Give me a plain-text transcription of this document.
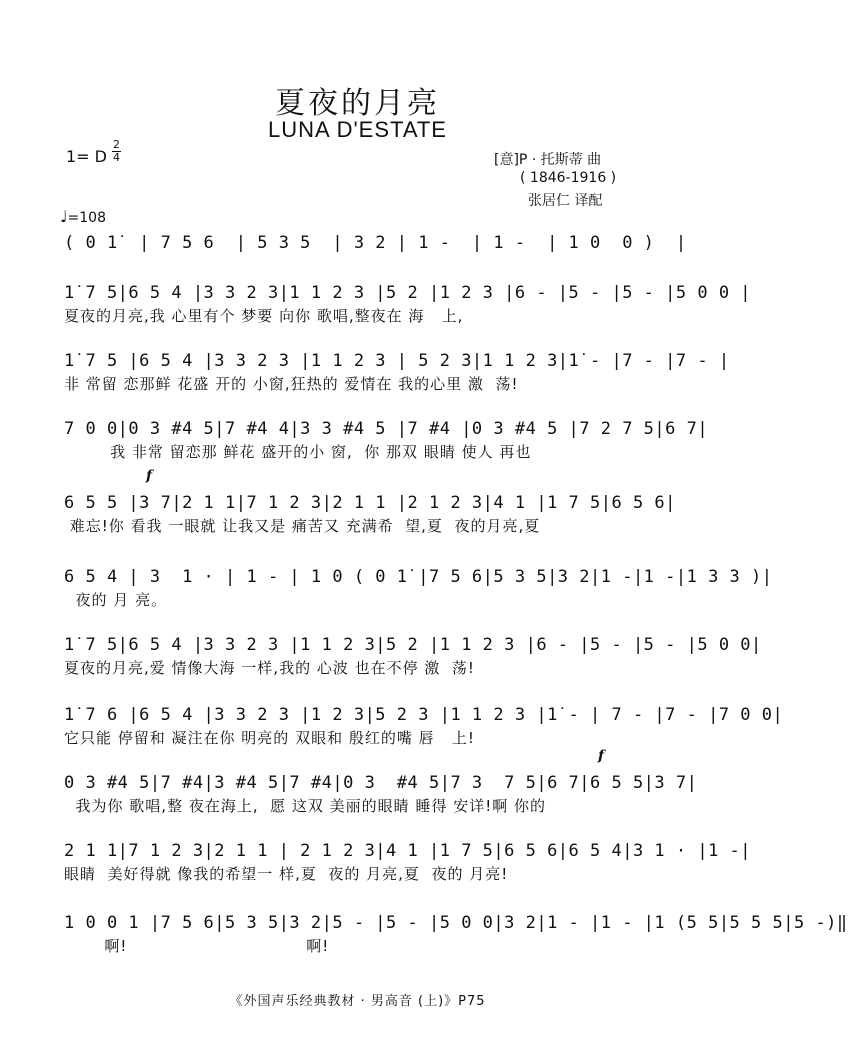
夏夜的月亮
LUNA D'ESTATE
1= D
2
4	[意]P · 托斯蒂 曲
( 1846-1916 )
张居仁 译配
♩=108
f
f
( 0 1̇  | 7 5 6  | 5 3 5  | 3 2 | 1 -  | 1 -  | 1 0  0 )  |
1̇ 7 5|6 5 4 |3 3 2 3|1 1 2 3 |5 2 |1 2 3 |6 - |5 - |5 - |5 0 0 |
夏夜的月亮,我 心里有个 梦要 向你 歌唱,整夜在 海   上,
1̇ 7 5 |6 5 4 |3 3 2 3 |1 1 2 3 | 5 2 3|1 1 2 3|1̇ - |7 - |7 - |
非 常留 恋那鲜 花盛 开的 小窗,狂热的 爱情在 我的心里 激  荡!
7 0 0|0 3 #4 5|7 #4 4|3 3 #4 5 |7 #4 |0 3 #4 5 |7 2 7 5|6 7|
我 非常 留恋那 鲜花 盛开的小 窗,  你 那双 眼睛 使人 再也
6 5 5 |3 7|2 1 1|7 1 2 3|2 1 1 |2 1 2 3|4 1 |1 7 5|6 5 6|
难忘!你 看我 一眼就 让我又是 痛苦又 充满希  望,夏  夜的月亮,夏
6 5 4 | 3  1 · | 1 - | 1 0 ( 0 1̇ |7 5 6|5 3 5|3 2|1 -|1 -|1 3 3 )|
夜的 月 亮。
1̇ 7 5|6 5 4 |3 3 2 3 |1 1 2 3|5 2 |1 1 2 3 |6 - |5 - |5 - |5 0 0|
夏夜的月亮,爱 情像大海 一样,我的 心波 也在不停 激  荡!
1̇ 7 6 |6 5 4 |3 3 2 3 |1 2 3|5 2 3 |1 1 2 3 |1̇ - | 7 - |7 - |7 0 0|
它只能 停留和 凝注在你 明亮的 双眼和 殷红的嘴 唇   上!
0 3 #4 5|7 #4|3 #4 5|7 #4|0 3  #4 5|7 3  7 5|6 7|6 5 5|3 7|
我为你 歌唱,整 夜在海上,  愿 这双 美丽的眼睛 睡得 安详!啊 你的
2 1 1|7 1 2 3|2 1 1 | 2 1 2 3|4 1 |1 7 5|6 5 6|6 5 4|3 1 · |1 -|
眼睛  美好得就 像我的希望一 样,夏  夜的 月亮,夏  夜的 月亮!
1 0 0 1 |7 5 6|5 3 5|3 2|5 - |5 - |5 0 0|3 2|1 - |1 - |1 (5 5|5 5 5|5 -)‖
啊!                               啊!
《外国声乐经典教材 · 男高音 (上)》P75
